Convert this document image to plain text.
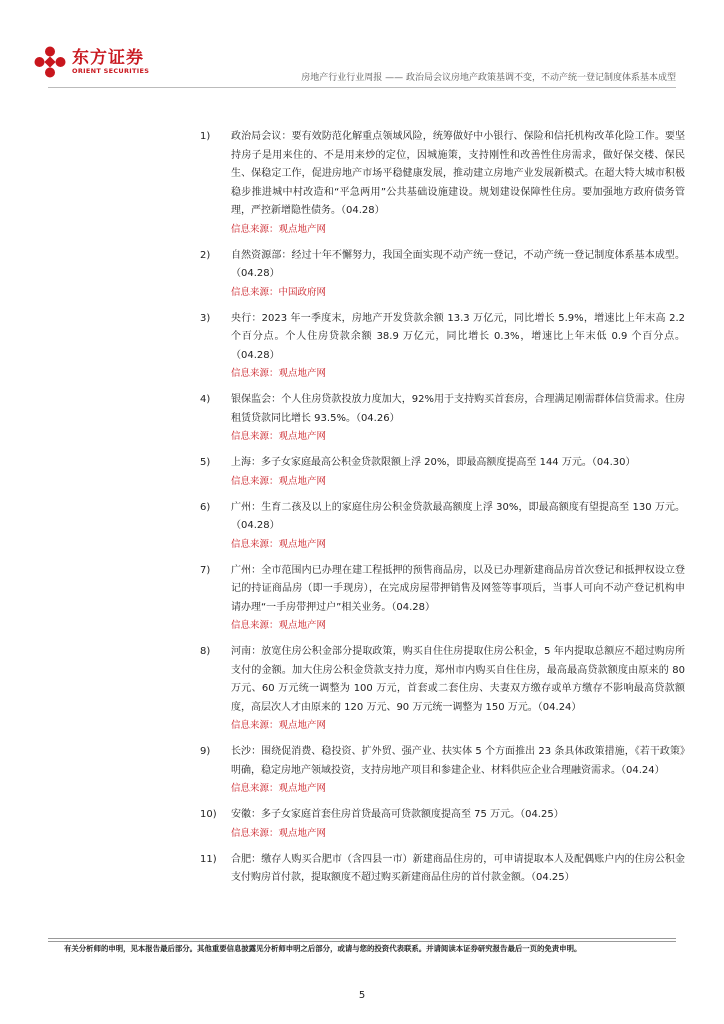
东方证券
ORIENT SECURITIES
房地产行业行业周报 —— 政治局会议房地产政策基调不变，不动产统一登记制度体系基本成型
1)	政治局会议：要有效防范化解重点领域风险，统筹做好中小银行、保险和信托机构改革化险工作。要坚持房子是用来住的、不是用来炒的定位，因城施策，支持刚性和改善性住房需求，做好保交楼、保民生、保稳定工作，促进房地产市场平稳健康发展，推动建立房地产业发展新模式。在超大特大城市积极稳步推进城中村改造和“平急两用”公共基础设施建设。规划建设保障性住房。要加强地方政府债务管理，严控新增隐性债务。（04.28）

信息来源：观点地产网

2)	自然资源部：经过十年不懈努力，我国全面实现不动产统一登记，不动产统一登记制度体系基本成型。（04.28）

信息来源：中国政府网

3)	央行：2023 年一季度末，房地产开发贷款余额 13.3 万亿元，同比增长 5.9%，增速比上年末高 2.2 个百分点。个人住房贷款余额 38.9 万亿元，同比增长 0.3%，增速比上年末低 0.9 个百分点。（04.28）

信息来源：观点地产网

4)	银保监会：个人住房贷款投放力度加大，92%用于支持购买首套房，合理满足刚需群体信贷需求。住房租赁贷款同比增长 93.5%。（04.26）

信息来源：观点地产网

5)	上海：多子女家庭最高公积金贷款限额上浮 20%，即最高额度提高至 144 万元。（04.30）

信息来源：观点地产网

6)	广州：生育二孩及以上的家庭住房公积金贷款最高额度上浮 30%，即最高额度有望提高至 130 万元。（04.28）

信息来源：观点地产网

7)	广州：全市范围内已办理在建工程抵押的预售商品房，以及已办理新建商品房首次登记和抵押权设立登记的持证商品房（即一手现房），在完成房屋带押销售及网签等事项后，当事人可向不动产登记机构申请办理“一手房带押过户”相关业务。（04.28）

信息来源：观点地产网

8)	河南：放宽住房公积金部分提取政策，购买自住住房提取住房公积金，5 年内提取总额应不超过购房所支付的金额。加大住房公积金贷款支持力度，郑州市内购买自住住房，最高最高贷款额度由原来的 80 万元、60 万元统一调整为 100 万元，首套或二套住房、夫妻双方缴存或单方缴存不影响最高贷款额度，高层次人才由原来的 120 万元、90 万元统一调整为 150 万元。（04.24）

信息来源：观点地产网

9)	长沙：围绕促消费、稳投资、扩外贸、强产业、扶实体 5 个方面推出 23 条具体政策措施，《若干政策》明确，稳定房地产领域投资，支持房地产项目和参建企业、材料供应企业合理融资需求。（04.24）

信息来源：观点地产网

10)	安徽：多子女家庭首套住房首贷最高可贷款额度提高至 75 万元。（04.25）

信息来源：观点地产网

11)	合肥：缴存人购买合肥市（含四县一市）新建商品住房的，可申请提取本人及配偶账户内的住房公积金支付购房首付款，提取额度不超过购买新建商品住房的首付款金额。（04.25）

有关分析师的申明，见本报告最后部分。其他重要信息披露见分析师申明之后部分，或请与您的投资代表联系。并请阅读本证券研究报告最后一页的免责申明。
5
